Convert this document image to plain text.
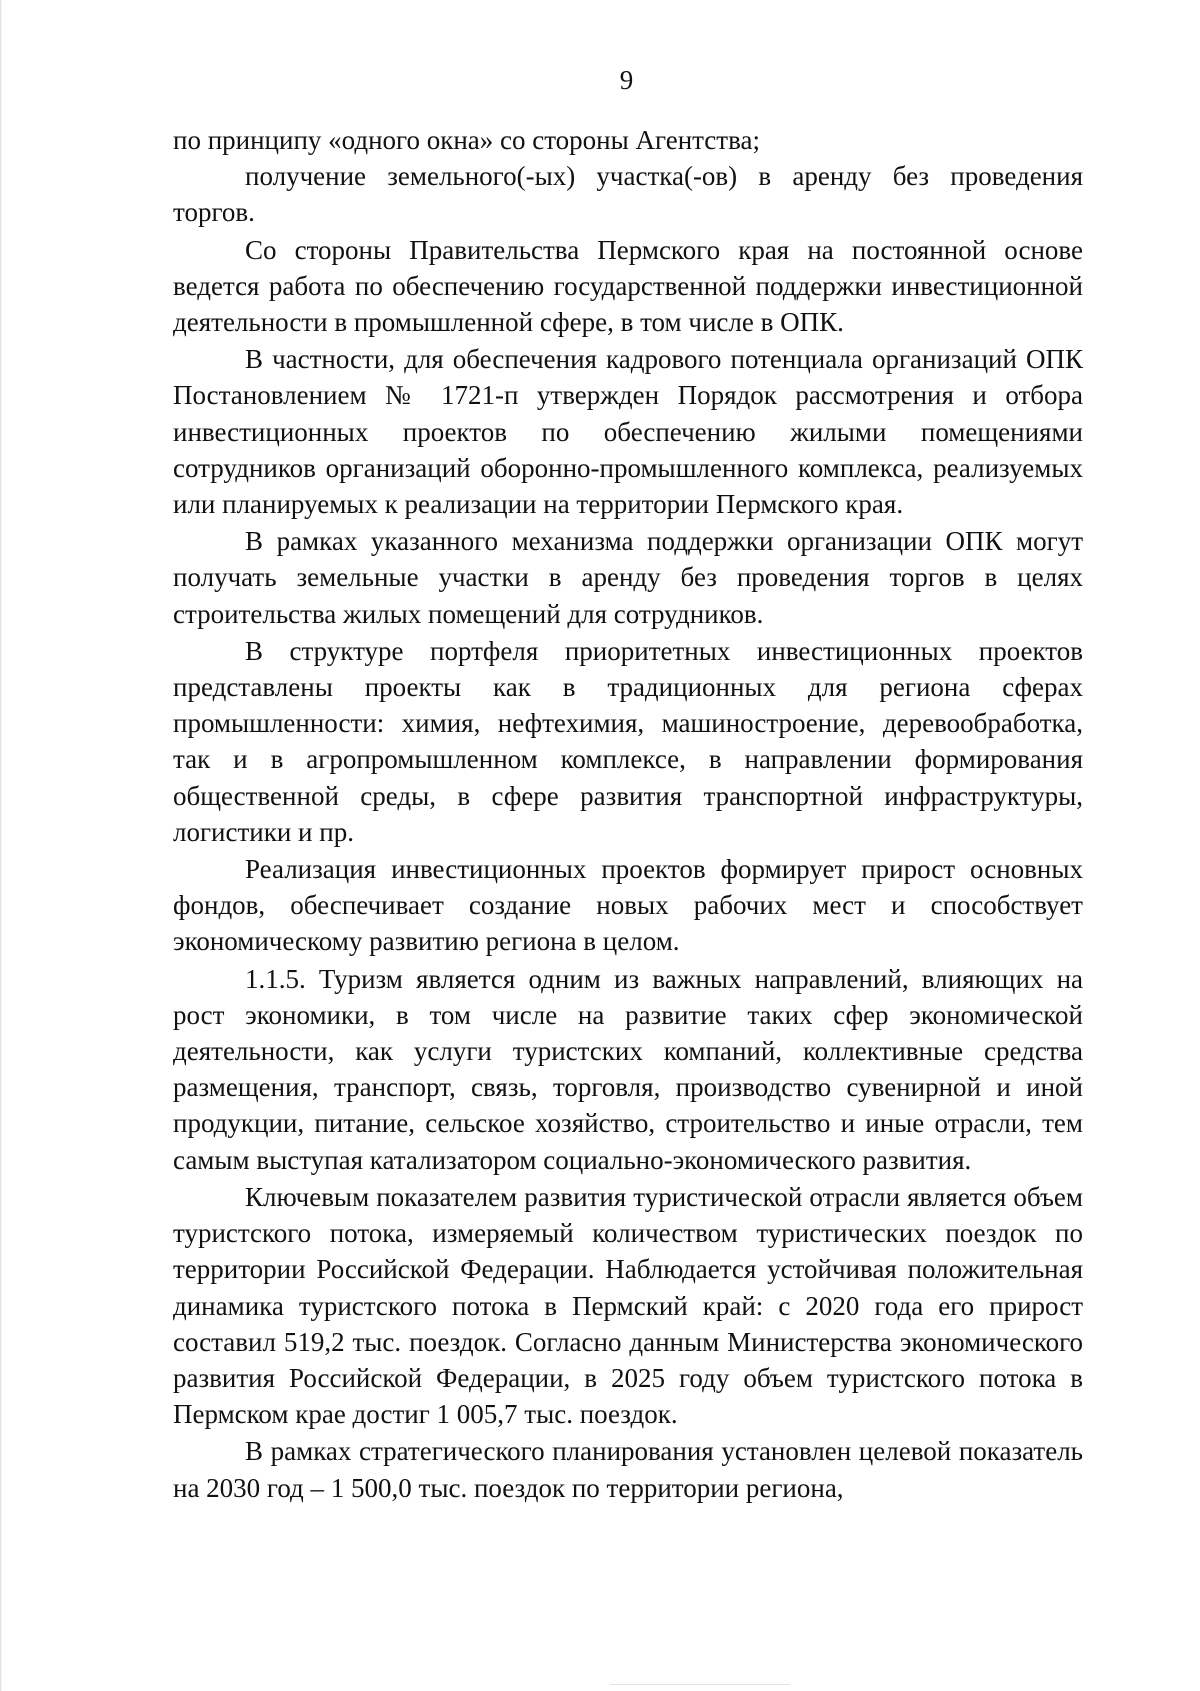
9

по принципу «одного окна» со стороны Агентства;

получение земельного(-ых) участка(-ов) в аренду без проведения торгов.

Со стороны Правительства Пермского края на постоянной основе ведется работа по обеспечению государственной поддержки инвестиционной деятельности в промышленной сфере, в том числе в ОПК.

В частности, для обеспечения кадрового потенциала организаций ОПК Постановлением № 1721-п утвержден Порядок рассмотрения и отбора инвестиционных проектов по обеспечению жилыми помещениями сотрудников организаций оборонно-промышленного комплекса, реализуемых или планируемых к реализации на территории Пермского края.

В рамках указанного механизма поддержки организации ОПК могут получать земельные участки в аренду без проведения торгов в целях строительства жилых помещений для сотрудников.

В структуре портфеля приоритетных инвестиционных проектов представлены проекты как в традиционных для региона сферах промышленности: химия, нефтехимия, машиностроение, деревообработка, так и в агропромышленном комплексе, в направлении формирования общественной среды, в сфере развития транспортной инфраструктуры, логистики и пр.

Реализация инвестиционных проектов формирует прирост основных фондов, обеспечивает создание новых рабочих мест и способствует экономическому развитию региона в целом.

1.1.5. Туризм является одним из важных направлений, влияющих на рост экономики, в том числе на развитие таких сфер экономической деятельности, как услуги туристских компаний, коллективные средства размещения, транспорт, связь, торговля, производство сувенирной и иной продукции, питание, сельское хозяйство, строительство и иные отрасли, тем самым выступая катализатором социально-экономического развития.

Ключевым показателем развития туристической отрасли является объем туристского потока, измеряемый количеством туристических поездок по территории Российской Федерации. Наблюдается устойчивая положительная динамика туристского потока в Пермский край: с 2020 года его прирост составил 519,2 тыс. поездок. Согласно данным Министерства экономического развития Российской Федерации, в 2025 году объем туристского потока в Пермском крае достиг 1 005,7 тыс. поездок.

В рамках стратегического планирования установлен целевой показатель на 2030 год – 1 500,0 тыс. поездок по территории региона,
